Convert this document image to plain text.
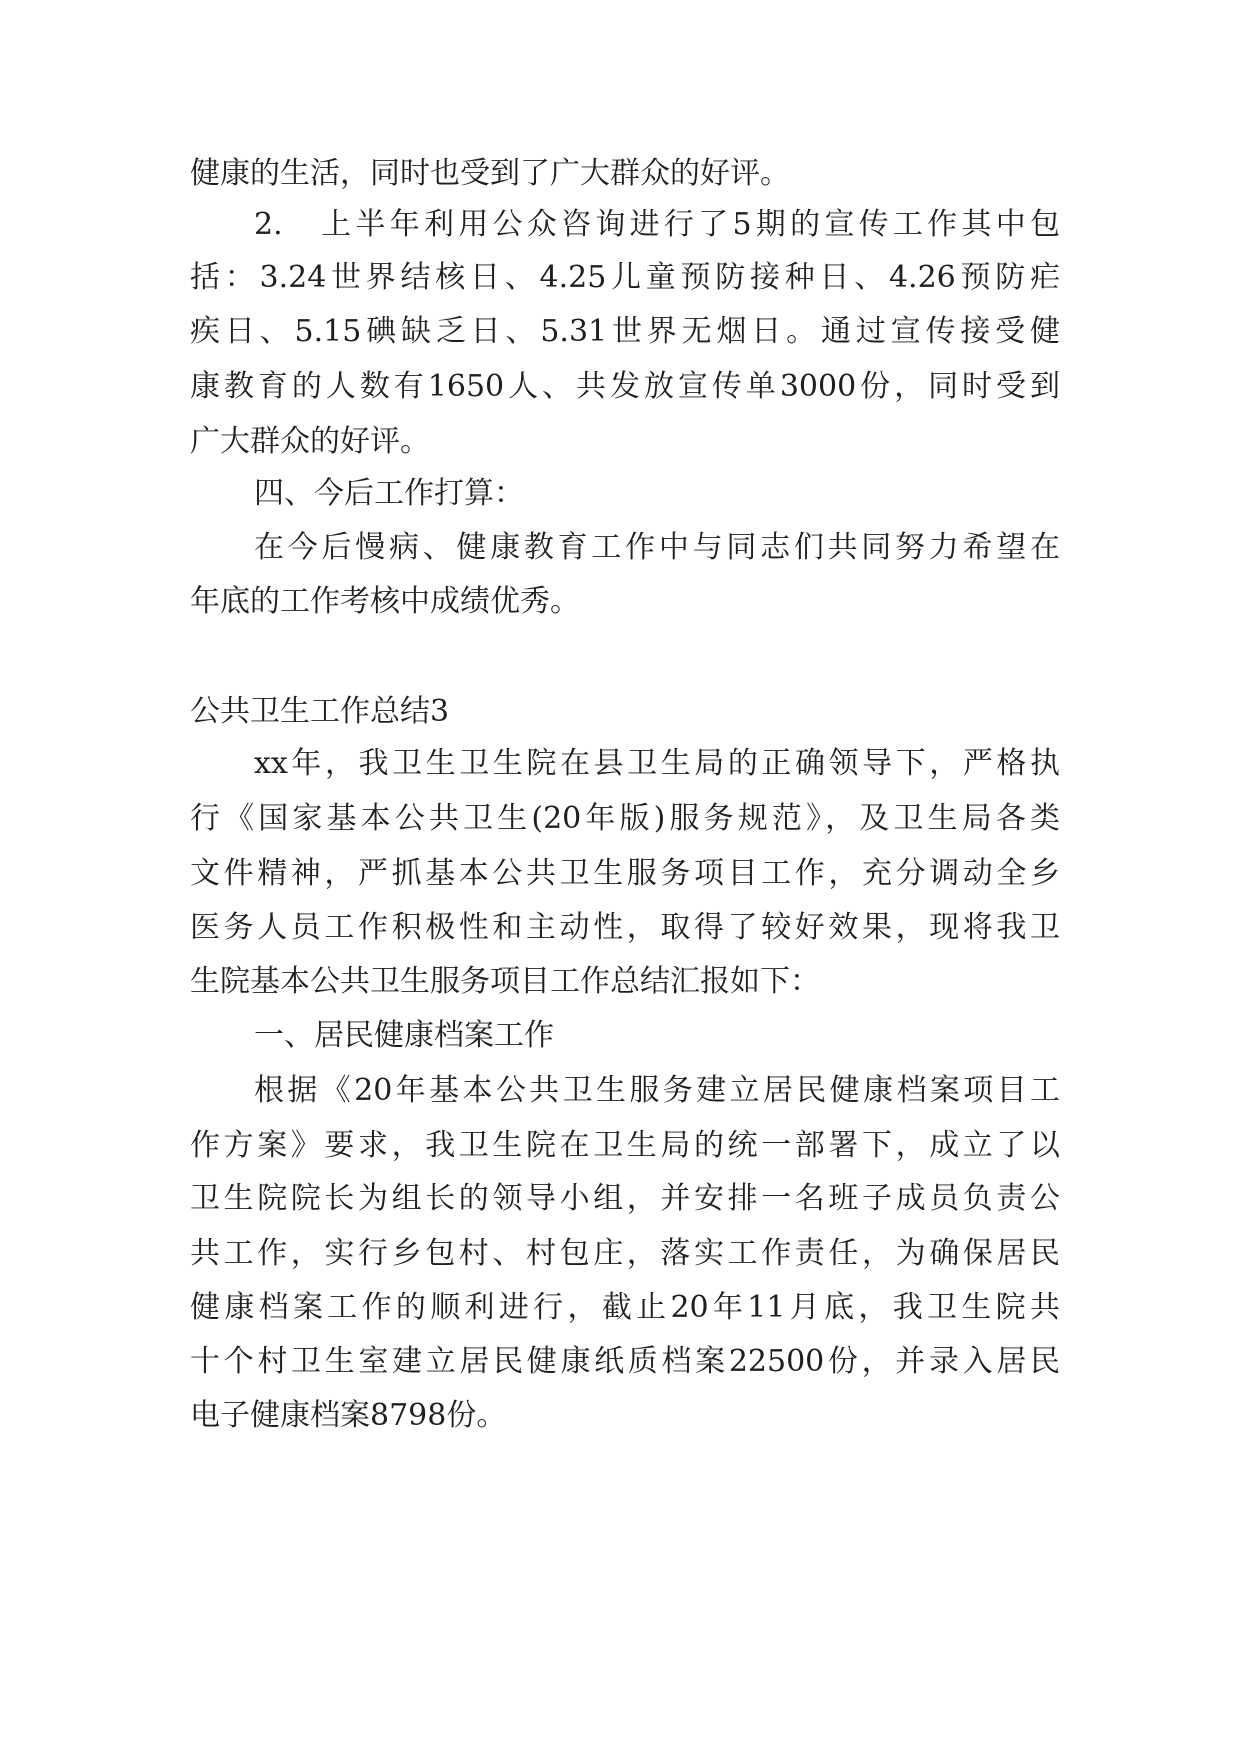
健康的生活，同时也受到了广大群众的好评。

2.　上半年利用公众咨询进行了5期的宣传工作其中包

括：3.24世界结核日、4.25儿童预防接种日、4.26预防疟

疾日、5.15碘缺乏日、5.31世界无烟日。通过宣传接受健

康教育的人数有1650人、共发放宣传单3000份，同时受到

广大群众的好评。

四、今后工作打算：

在今后慢病、健康教育工作中与同志们共同努力希望在

年底的工作考核中成绩优秀。

公共卫生工作总结3

xx年，我卫生卫生院在县卫生局的正确领导下，严格执

行《国家基本公共卫生(20年版)服务规范》，及卫生局各类

文件精神，严抓基本公共卫生服务项目工作，充分调动全乡

医务人员工作积极性和主动性，取得了较好效果，现将我卫

生院基本公共卫生服务项目工作总结汇报如下：

一、居民健康档案工作

根据《20年基本公共卫生服务建立居民健康档案项目工

作方案》要求，我卫生院在卫生局的统一部署下，成立了以

卫生院院长为组长的领导小组，并安排一名班子成员负责公

共工作，实行乡包村、村包庄，落实工作责任，为确保居民

健康档案工作的顺利进行，截止20年11月底，我卫生院共

十个村卫生室建立居民健康纸质档案22500份，并录入居民

电子健康档案8798份。
